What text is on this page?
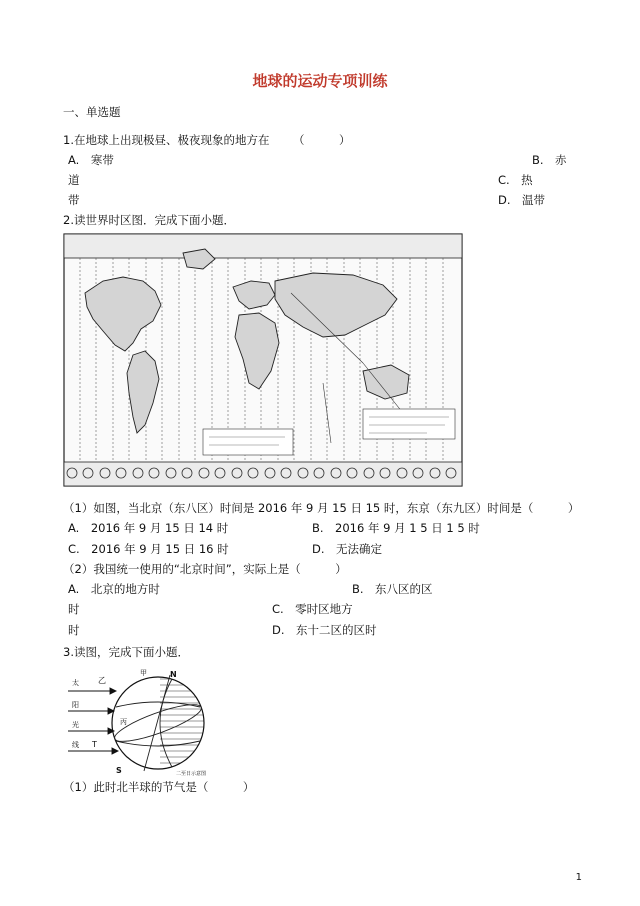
地球的运动专项训练
一、单选题
1.在地球上出现极昼、极夜现象的地方在 （　　　）
A.　寒带	B.　赤
道	C.　热
带	D.　温带
2.读世界时区图．完成下面小题．
（1）如图，当北京（东八区）时间是 2016 年 9 月 15 日 15 时，东京（东九区）时间是（　　　）
A.　2016 年 9 月 15 日 14 时	B.　2016 年 9 月 1 5 日 1 5 时
C.　2016 年 9 月 15 日 16 时	D.　无法确定
（2）我国统一使用的“北京时间”，实际上是（　　　）
A.　北京的地方时	B.　东八区的区
时	C.　零时区地方
时	D.　东十二区的区时
3.读图，完成下面小题．
太
阳
光
线
甲	N
乙
丙
T
S	二至日示意图
（1）此时北半球的节气是（　　　）
1
